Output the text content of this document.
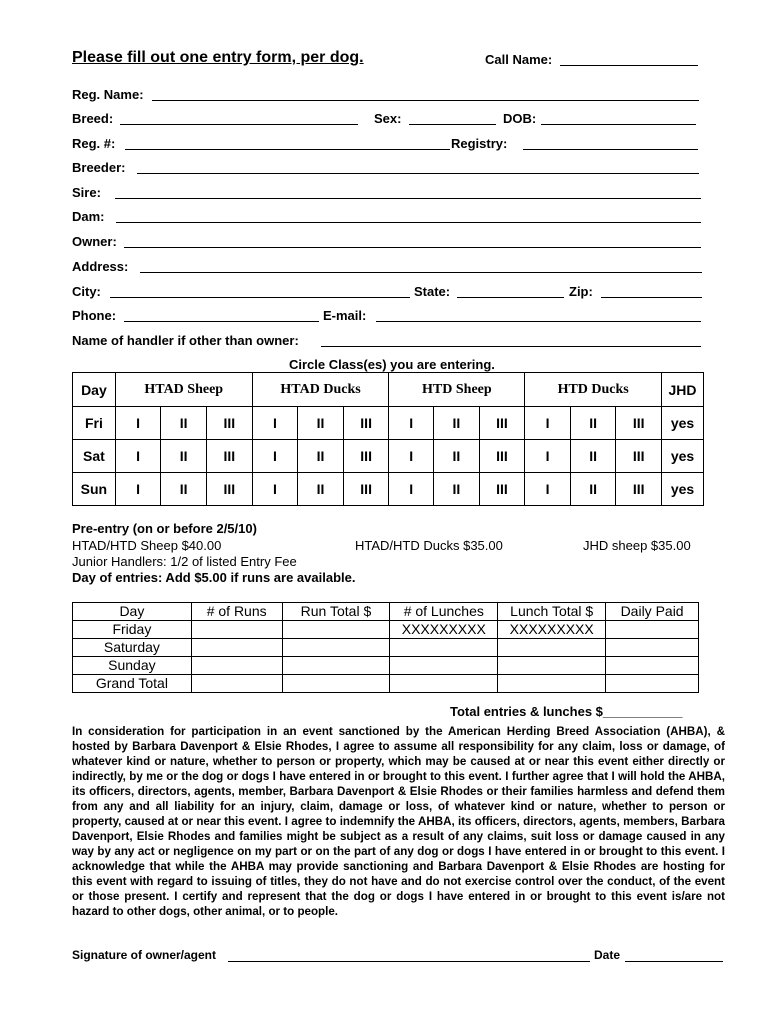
Please fill out one entry form, per dog.	Call Name:
Reg. Name:
Breed:	Sex:	DOB:
Reg. #:	Registry:
Breeder:
Sire:
Dam:
Owner:
Address:
City:	State:	Zip:
Phone:	E-mail:
Name of handler if other than owner:
Circle Class(es) you are entering.
Day	HTAD Sheep			HTAD Ducks			HTD Sheep			HTD Ducks			JHD
Fri	I	II	III	I	II	III	I	II	III	I	II	III	yes
Sat	I	II	III	I	II	III	I	II	III	I	II	III	yes
Sun	I	II	III	I	II	III	I	II	III	I	II	III	yes
Pre-entry (on or before 2/5/10)
HTAD/HTD Sheep $40.00	HTAD/HTD Ducks $35.00	JHD sheep $35.00
Junior Handlers: 1/2 of listed Entry Fee
Day of entries: Add $5.00 if runs are available.
Day	# of Runs	Run Total $	# of Lunches	Lunch Total $	Daily Paid
Friday			XXXXXXXXX	XXXXXXXXX	
Saturday					
Sunday					
Grand Total					
Total entries & lunches $___________
In consideration for participation in an event sanctioned by the American Herding Breed Association (AHBA), & hosted by Barbara Davenport & Elsie Rhodes, I agree to assume all responsibility for any claim, loss or damage, of whatever kind or nature, whether to person or property, which may be caused at or near this event either directly or indirectly, by me or the dog or dogs I have entered in or brought to this event. I further agree that I will hold the AHBA, its officers, directors, agents, member, Barbara Davenport & Elsie Rhodes or their families harmless and defend them from any and all liability for an injury, claim, damage or loss, of whatever kind or nature, whether to person or property, caused at or near this event. I agree to indemnify the AHBA, its officers, directors, agents, members, Barbara Davenport, Elsie Rhodes and families might be subject as a result of any claims, suit loss or damage caused in any way by any act or negligence on my part or on the part of any dog or dogs I have entered in or brought to this event. I acknowledge that while the AHBA may provide sanctioning and Barbara Davenport & Elsie Rhodes are hosting for this event with regard to issuing of titles, they do not have and do not exercise control over the conduct, of the event or those present. I certify and represent that the dog or dogs I have entered in or brought to this event is/are not hazard to other dogs, other animal, or to people.
Signature of owner/agent	Date
